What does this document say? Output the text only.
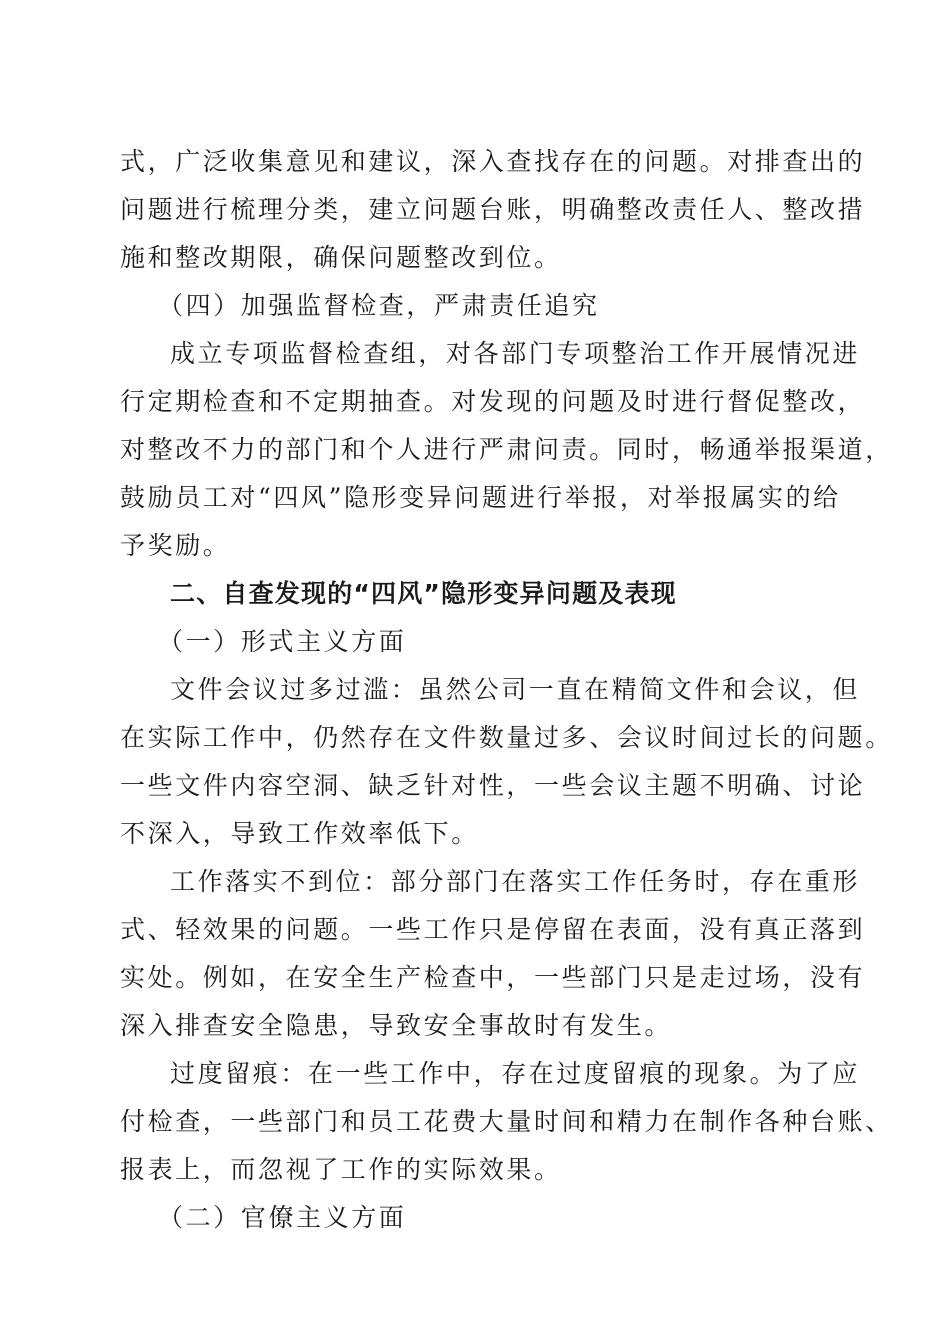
式，广泛收集意见和建议，深入查找存在的问题。对排查出的
问题进行梳理分类，建立问题台账，明确整改责任人、整改措
施和整改期限，确保问题整改到位。
（四）加强监督检查，严肃责任追究
成立专项监督检查组，对各部门专项整治工作开展情况进
行定期检查和不定期抽查。对发现的问题及时进行督促整改，
对整改不力的部门和个人进行严肃问责。同时，畅通举报渠道，
鼓励员工对“四风”隐形变异问题进行举报，对举报属实的给
予奖励。
二、自查发现的“四风”隐形变异问题及表现
（一）形式主义方面
文件会议过多过滥：虽然公司一直在精简文件和会议，但
在实际工作中，仍然存在文件数量过多、会议时间过长的问题。
一些文件内容空洞、缺乏针对性，一些会议主题不明确、讨论
不深入，导致工作效率低下。
工作落实不到位：部分部门在落实工作任务时，存在重形
式、轻效果的问题。一些工作只是停留在表面，没有真正落到
实处。例如，在安全生产检查中，一些部门只是走过场，没有
深入排查安全隐患，导致安全事故时有发生。
过度留痕：在一些工作中，存在过度留痕的现象。为了应
付检查，一些部门和员工花费大量时间和精力在制作各种台账、
报表上，而忽视了工作的实际效果。
（二）官僚主义方面
